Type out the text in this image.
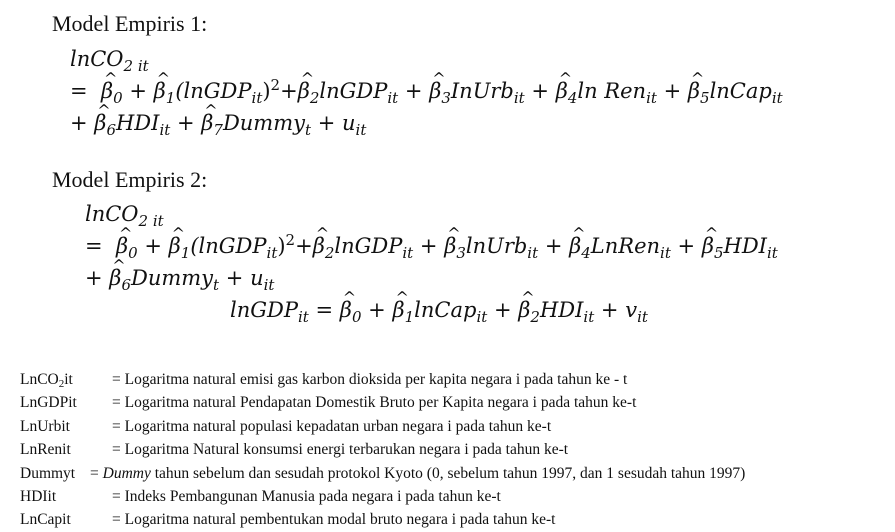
Model Empiris 1:
lnCO$_{2 it}$
= ^ $\beta_0$ + ^ $\beta_1(lnGDP_{it})^2+\^{}$ $\beta_2lnGDP_{it}$ + ^ $\beta_3InUrb_{it}$ + ^ $\beta_4\ln$ Ren$_{it}$ + ^ $\beta_5lnCap_{it}$
+ ^ $\beta_6HDI_{it}$ + ^ $\beta_7Dummy_t + u_{it}$
Model Empiris 2:
lnCO$_{2 it}$
= ^ $\beta_0$ + ^ $\beta_1(lnGDP_{it})^2+\^{}$ $\beta_2lnGDP_{it}$ + ^ $\beta_3lnUrb_{it}$ + ^ $\beta_4LnRen_{it}$ + ^ $\beta_5HDI_{it}$
+ ^ $\beta_6Dummy_t + u_{it}$
lnGDP$_{it}$ = ^ $\beta_0$ + ^ $\beta_1lnCap_{it}$ + ^ $\beta_2HDI_{it} + v_{it}$
LnCO$_2$it	= Logaritma natural emisi gas karbon dioksida per kapita negara i pada tahun ke - t
LnGDPit = Logaritma natural Pendapatan Domestik Bruto per Kapita negara i pada tahun ke-t
LnUrbit	= Logaritma natural populasi kepadatan urban negara i pada tahun ke-t
LnRenit	= Logaritma Natural konsumsi energi terbarukan negara i pada tahun ke-t
Dummyt = Dummy tahun sebelum dan sesudah protokol Kyoto (0, sebelum tahun 1997, dan 1 sesudah tahun 1997)
HDIit	= Indeks Pembangunan Manusia pada negara i pada tahun ke-t
LnCapit	= Logaritma natural pembentukan modal bruto negara i pada tahun ke-t
